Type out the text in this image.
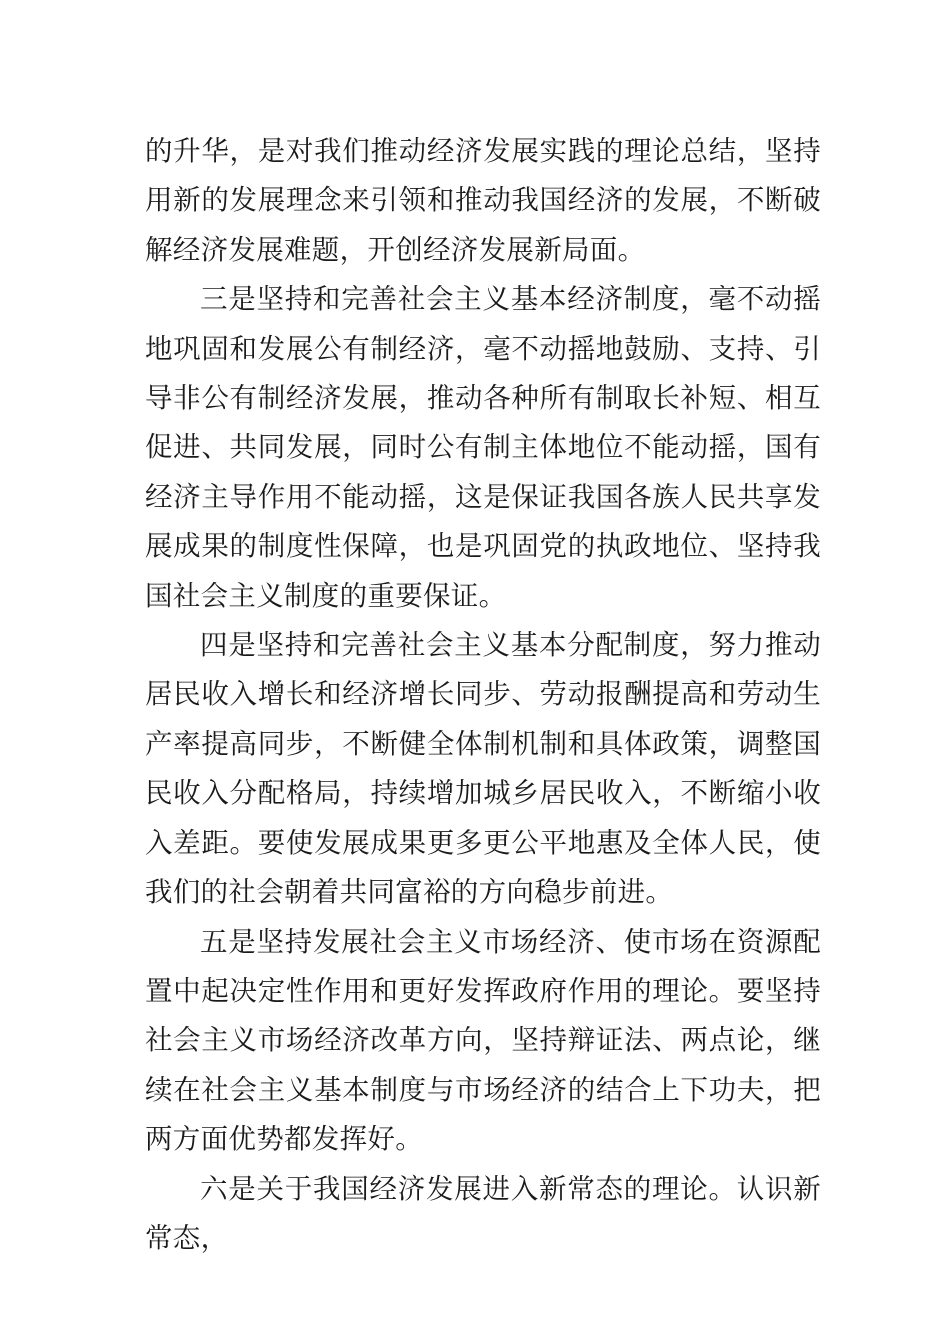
的升华，是对我们推动经济发展实践的理论总结，坚持用新的发展理念来引领和推动我国经济的发展，不断破解经济发展难题，开创经济发展新局面。

三是坚持和完善社会主义基本经济制度，毫不动摇地巩固和发展公有制经济，毫不动摇地鼓励、支持、引导非公有制经济发展，推动各种所有制取长补短、相互促进、共同发展，同时公有制主体地位不能动摇，国有经济主导作用不能动摇，这是保证我国各族人民共享发展成果的制度性保障，也是巩固党的执政地位、坚持我国社会主义制度的重要保证。

四是坚持和完善社会主义基本分配制度，努力推动居民收入增长和经济增长同步、劳动报酬提高和劳动生产率提高同步，不断健全体制机制和具体政策，调整国民收入分配格局，持续增加城乡居民收入，不断缩小收入差距。要使发展成果更多更公平地惠及全体人民，使我们的社会朝着共同富裕的方向稳步前进。

五是坚持发展社会主义市场经济、使市场在资源配置中起决定性作用和更好发挥政府作用的理论。要坚持社会主义市场经济改革方向，坚持辩证法、两点论，继续在社会主义基本制度与市场经济的结合上下功夫，把两方面优势都发挥好。

六是关于我国经济发展进入新常态的理论。认识新常态，
